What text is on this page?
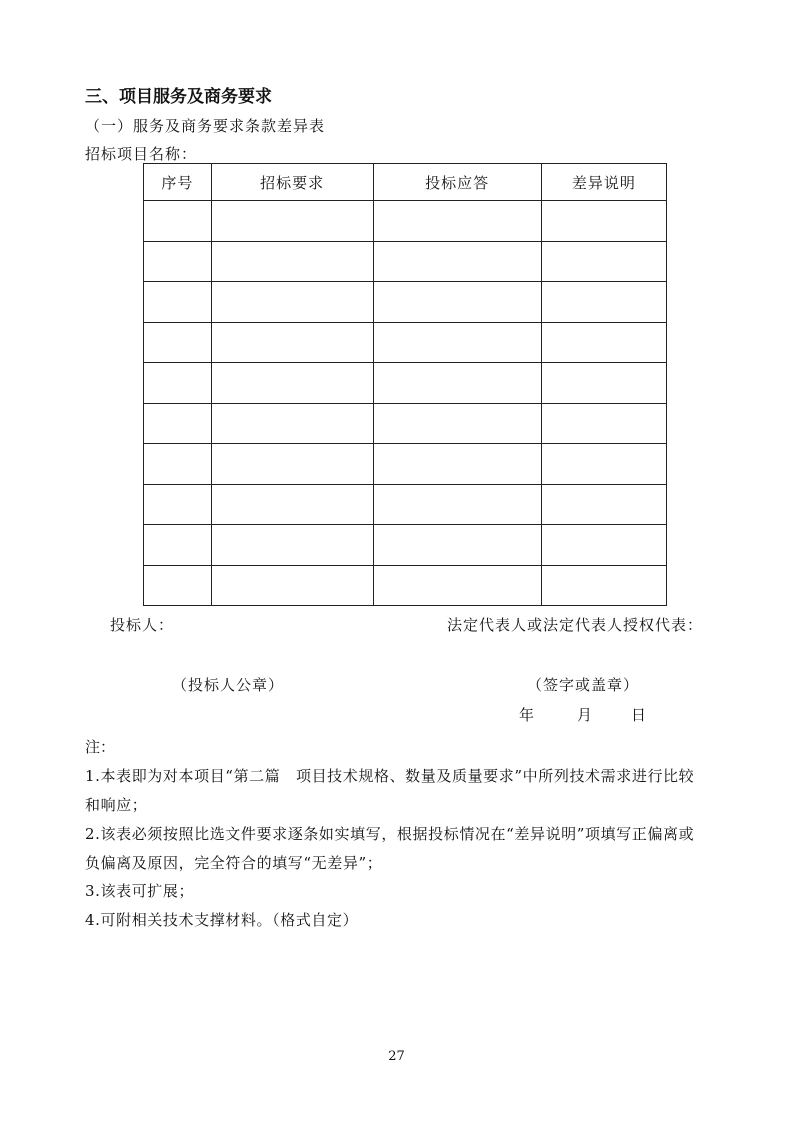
三、项目服务及商务要求
（一）服务及商务要求条款差异表
招标项目名称：
序号	招标要求	投标应答	差异说明

投标人：	法定代表人或法定代表人授权代表：
（投标人公章）	（签字或盖章）
年	月	日
注：
1.本表即为对本项目“第二篇　项目技术规格、数量及质量要求”中所列技术需求进行比较
和响应；
2.该表必须按照比选文件要求逐条如实填写，根据投标情况在“差异说明”项填写正偏离或
负偏离及原因，完全符合的填写“无差异”；
3.该表可扩展；
4.可附相关技术支撑材料。（格式自定）
27
